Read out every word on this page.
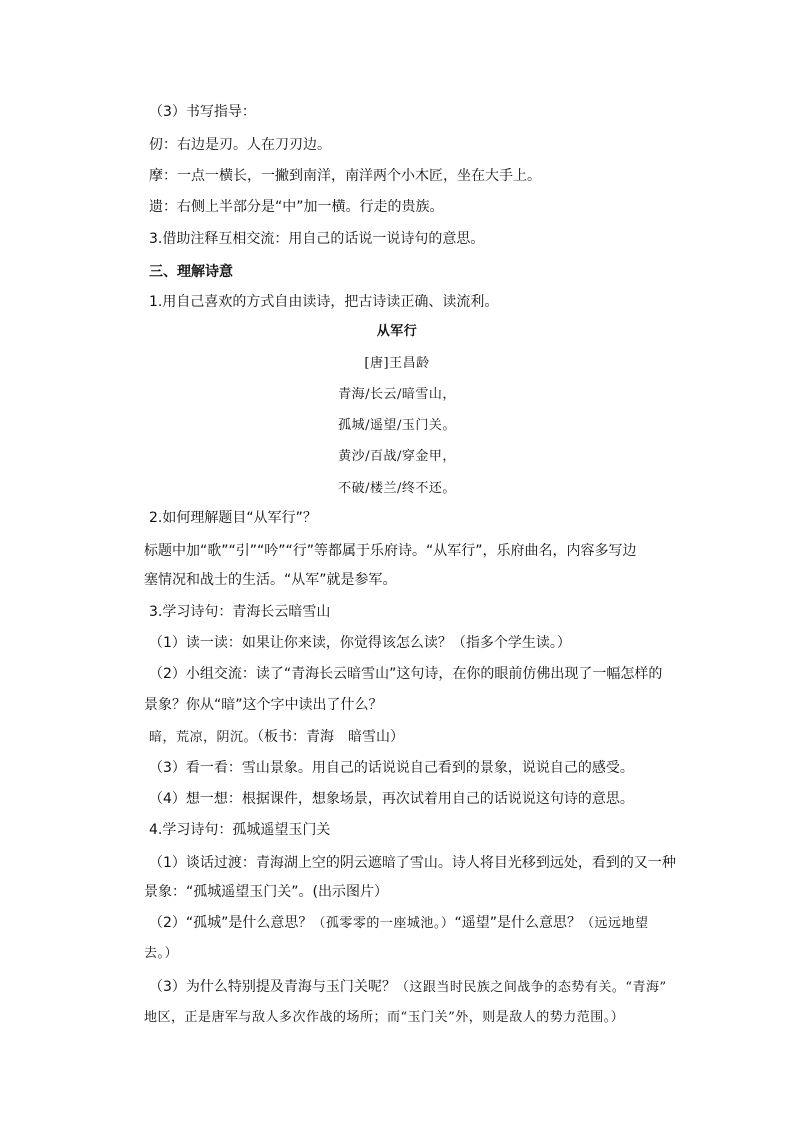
（3）书写指导：
仞：右边是刃。人在刀刃边。
摩：一点一横长，一撇到南洋，南洋两个小木匠，坐在大手上。
遗：右侧上半部分是“中”加一横。行走的贵族。
3.借助注释互相交流：用自己的话说一说诗句的意思。
三、理解诗意
1.用自己喜欢的方式自由读诗，把古诗读正确、读流利。
从军行
[唐]王昌龄
青海/长云/暗雪山，
孤城/遥望/玉门关。
黄沙/百战/穿金甲，
不破/楼兰/终不还。
2.如何理解题目“从军行”？
标题中加“歌”“引”“吟”“行”等都属于乐府诗。“从军行”，乐府曲名，内容多写边
塞情况和战士的生活。“从军”就是参军。
3.学习诗句：青海长云暗雪山
（1）读一读：如果让你来读，你觉得该怎么读？（指多个学生读。）
（2）小组交流：读了“青海长云暗雪山”这句诗，在你的眼前仿佛出现了一幅怎样的
景象？你从“暗”这个字中读出了什么？
暗，荒凉，阴沉。（板书：青海　暗雪山）
（3）看一看：雪山景象。用自己的话说说自己看到的景象，说说自己的感受。
（4）想一想：根据课件，想象场景，再次试着用自己的话说说这句诗的意思。
4.学习诗句：孤城遥望玉门关
（1）谈话过渡：青海湖上空的阴云遮暗了雪山。诗人将目光移到远处，看到的又一种
景象：“孤城遥望玉门关”。(出示图片）
（2）“孤城”是什么意思？（孤零零的一座城池。）“遥望”是什么意思？（远远地望
去。）
（3）为什么特别提及青海与玉门关呢？（这跟当时民族之间战争的态势有关。“青海”
地区，正是唐军与敌人多次作战的场所；而“玉门关”外，则是敌人的势力范围。）
